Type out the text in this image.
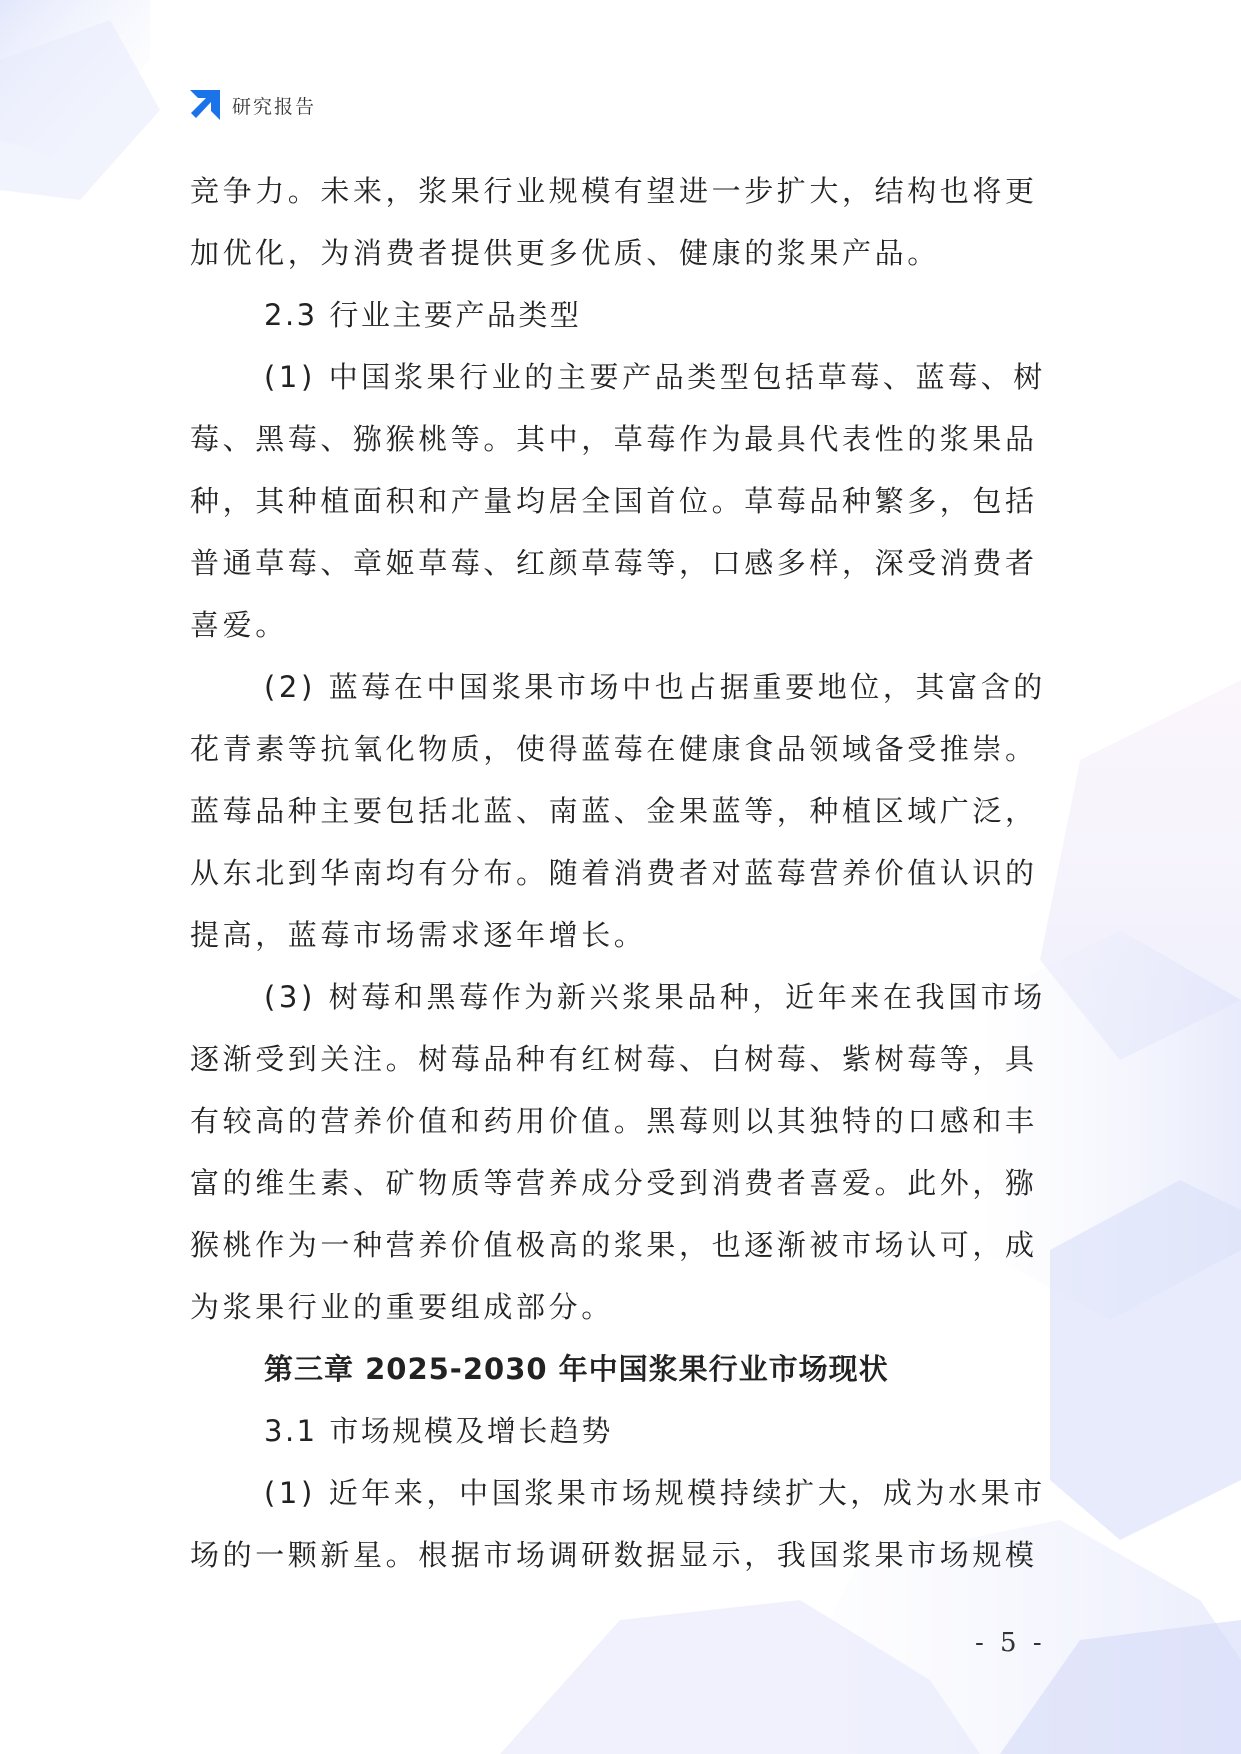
研究报告
竞争力。未来，浆果行业规模有望进一步扩大，结构也将更
加优化，为消费者提供更多优质、健康的浆果产品。
2.3 行业主要产品类型
(1) 中国浆果行业的主要产品类型包括草莓、蓝莓、树
莓、黑莓、猕猴桃等。其中，草莓作为最具代表性的浆果品
种，其种植面积和产量均居全国首位。草莓品种繁多，包括
普通草莓、章姬草莓、红颜草莓等，口感多样，深受消费者
喜爱。
(2) 蓝莓在中国浆果市场中也占据重要地位，其富含的
花青素等抗氧化物质，使得蓝莓在健康食品领域备受推崇。
蓝莓品种主要包括北蓝、南蓝、金果蓝等，种植区域广泛，
从东北到华南均有分布。随着消费者对蓝莓营养价值认识的
提高，蓝莓市场需求逐年增长。
(3) 树莓和黑莓作为新兴浆果品种，近年来在我国市场
逐渐受到关注。树莓品种有红树莓、白树莓、紫树莓等，具
有较高的营养价值和药用价值。黑莓则以其独特的口感和丰
富的维生素、矿物质等营养成分受到消费者喜爱。此外，猕
猴桃作为一种营养价值极高的浆果，也逐渐被市场认可，成
为浆果行业的重要组成部分。
第三章 2025-2030 年中国浆果行业市场现状
3.1 市场规模及增长趋势
(1) 近年来，中国浆果市场规模持续扩大，成为水果市
场的一颗新星。根据市场调研数据显示，我国浆果市场规模
- 5 -
